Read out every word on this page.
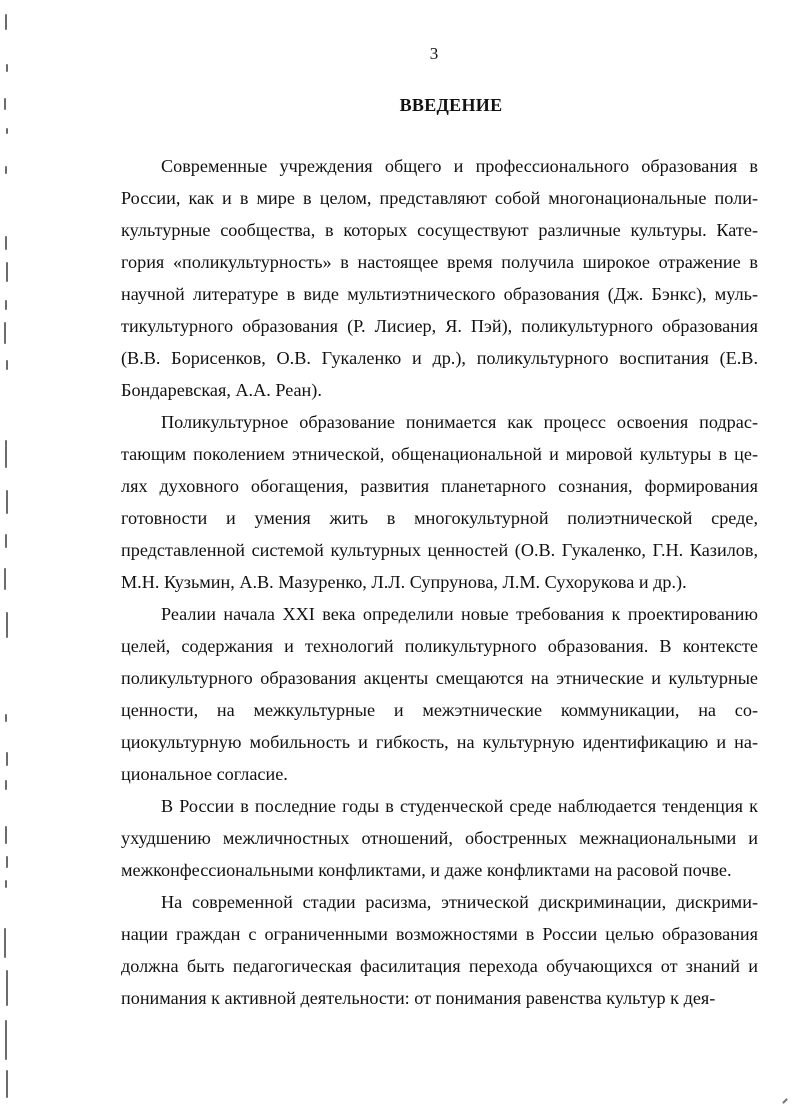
3
ВВЕДЕНИЕ

Современные учреждения общего и профессионального образования в России, как и в мире в целом, представляют собой многонациональные поликультурные сообщества, в которых сосуществуют различные культуры. Категория «поликультурность» в настоящее время получила широкое отражение в научной литературе в виде мультиэтнического образования (Дж. Бэнкс), мультикультурного образования (Р. Лисиер, Я. Пэй), поликультурного образования (В.В. Борисенков, О.В. Гукаленко и др.), поликультурного воспитания (Е.В. Бондаревская, А.А. Реан).

Поликультурное образование понимается как процесс освоения подрастающим поколением этнической, общенациональной и мировой культуры в целях духовного обогащения, развития планетарного сознания, формирования готовности и умения жить в многокультурной полиэтнической среде, представленной системой культурных ценностей (О.В. Гукаленко, Г.Н. Казилов, М.Н. Кузьмин, А.В. Мазуренко, Л.Л. Супрунова, Л.М. Сухорукова и др.).

Реалии начала XXI века определили новые требования к проектированию целей, содержания и технологий поликультурного образования. В контексте поликультурного образования акценты смещаются на этнические и культурные ценности, на межкультурные и межэтнические коммуникации, на социокультурную мобильность и гибкость, на культурную идентификацию и национальное согласие.

В России в последние годы в студенческой среде наблюдается тенденция к ухудшению межличностных отношений, обостренных межнациональными и межконфессиональными конфликтами, и даже конфликтами на расовой почве.

На современной стадии расизма, этнической дискриминации, дискриминации граждан с ограниченными возможностями в России целью образования должна быть педагогическая фасилитация перехода обучающихся от знаний и понимания к активной деятельности: от понимания равенства культур к дея-
